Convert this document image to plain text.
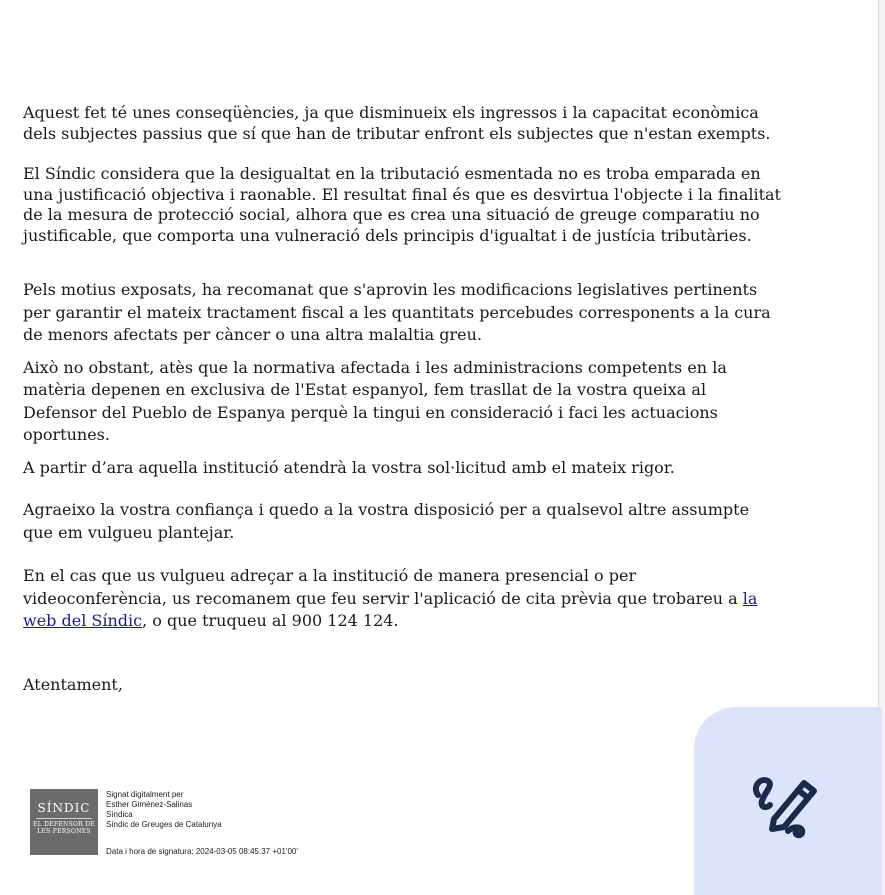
Aquest fet té unes conseqüències, ja que disminueix els ingressos i la capacitat econòmica dels subjectes passius que sí que han de tributar enfront els subjectes que n'estan exempts.

El Síndic considera que la desigualtat en la tributació esmentada no es troba emparada en una justificació objectiva i raonable. El resultat final és que es desvirtua l'objecte i la finalitat de la mesura de protecció social, alhora que es crea una situació de greuge comparatiu no justificable, que comporta una vulneració dels principis d'igualtat i de justícia tributàries.

Pels motius exposats, ha recomanat que s'aprovin les modificacions legislatives pertinents per garantir el mateix tractament fiscal a les quantitats percebudes corresponents a la cura de menors afectats per càncer o una altra malaltia greu.

Això no obstant, atès que la normativa afectada i les administracions competents en la matèria depenen en exclusiva de l'Estat espanyol, fem trasllat de la vostra queixa al Defensor del Pueblo de Espanya perquè la tingui en consideració i faci les actuacions oportunes.

A partir d’ara aquella institució atendrà la vostra sol·licitud amb el mateix rigor.

Agraeixo la vostra confiança i quedo a la vostra disposició per a qualsevol altre assumpte que em vulgueu plantejar.

En el cas que us vulgueu adreçar a la institució de manera presencial o per videoconferència, us recomanem que feu servir l'aplicació de cita prèvia que trobareu a la web del Síndic, o que truqueu al 900 124 124.

Atentament,

SÍNDIC
EL DEFENSOR DE LES PERSONES
Signat digitalment per
Esther Giménez-Salinas
Síndica
Síndic de Greuges de Catalunya
Data i hora de signatura: 2024-03-05 08:45:37 +01'00'
